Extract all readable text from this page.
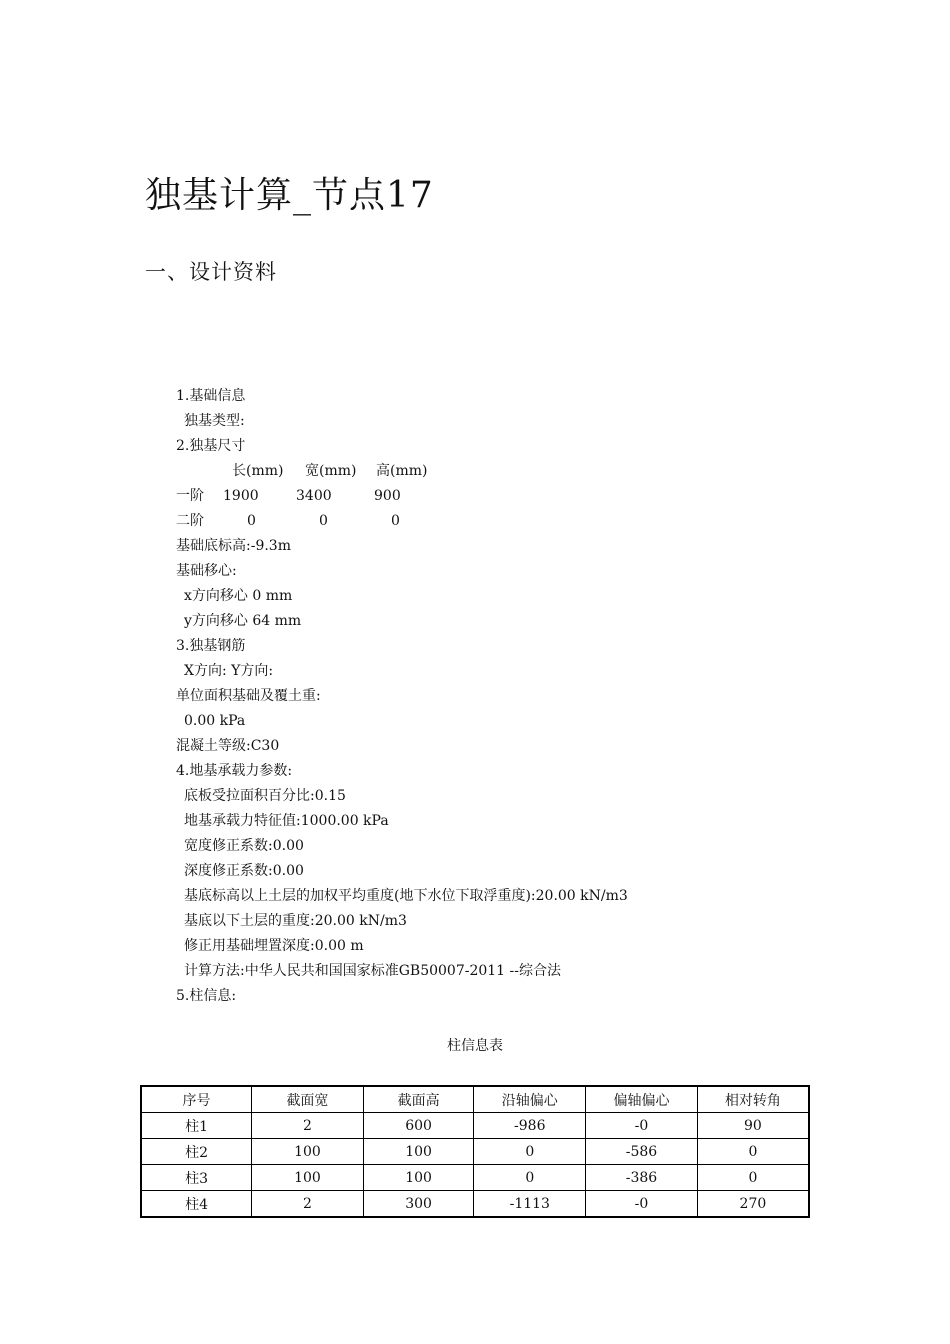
独基计算_节点17
一、设计资料
1.基础信息
独基类型:
2.独基尺寸
长(mm) 宽(mm) 高(mm)
一阶 1900	3400	900
二阶	0	0	0
基础底标高:-9.3m
基础移心:
x方向移心 0 mm
y方向移心 64 mm
3.独基钢筋
X方向: Y方向:
单位面积基础及覆土重:
0.00 kPa
混凝土等级:C30
4.地基承载力参数:
底板受拉面积百分比:0.15
地基承载力特征值:1000.00 kPa
宽度修正系数:0.00
深度修正系数:0.00
基底标高以上土层的加权平均重度(地下水位下取浮重度):20.00 kN/m3
基底以下土层的重度:20.00 kN/m3
修正用基础埋置深度:0.00 m
计算方法:中华人民共和国国家标准GB50007-2011 --综合法
5.柱信息:
柱信息表
序号	截面宽	截面高	沿轴偏心	偏轴偏心	相对转角
柱1	2	600	-986	-0	90
柱2	100	100	0	-586	0
柱3	100	100	0	-386	0
柱4	2	300	-1113	-0	270
